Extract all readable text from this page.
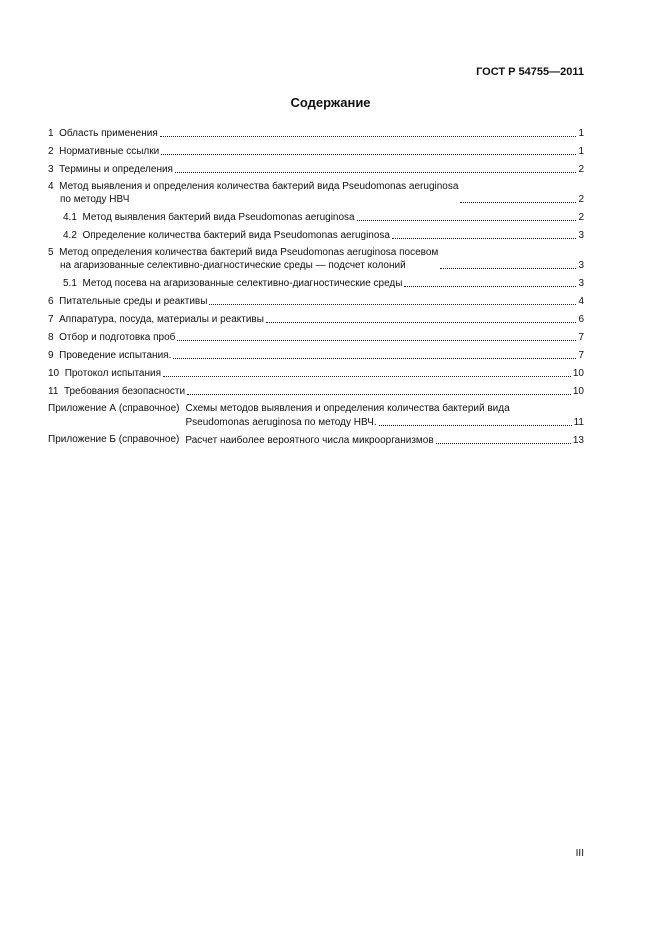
ГОСТ Р 54755—2011
Содержание
1 Область применения	1
2 Нормативные ссылки	1
3 Термины и определения	2
4 Метод выявления и определения количества бактерий вида Pseudomonas aeruginosa
по методу НВЧ	2
4.1 Метод выявления бактерий вида Pseudomonas aeruginosa	2
4.2 Определение количества бактерий вида Pseudomonas aeruginosa	3
5 Метод определения количества бактерий вида Pseudomonas aeruginosa посевом
на агаризованные селективно-диагностические среды — подсчет колоний	3
5.1 Метод посева на агаризованные селективно-диагностические среды	3
6 Питательные среды и реактивы	4
7 Аппаратура, посуда, материалы и реактивы	6
8 Отбор и подготовка проб	7
9 Проведение испытания.	7
10 Протокол испытания	10
11 Требования безопасности	10
Приложение А (справочное) Схемы методов выявления и определения количества бактерий вида
Pseudomonas aeruginosa по методу НВЧ.	11
Приложение Б (справочное) Расчет наиболее вероятного числа микроорганизмов	13
III
